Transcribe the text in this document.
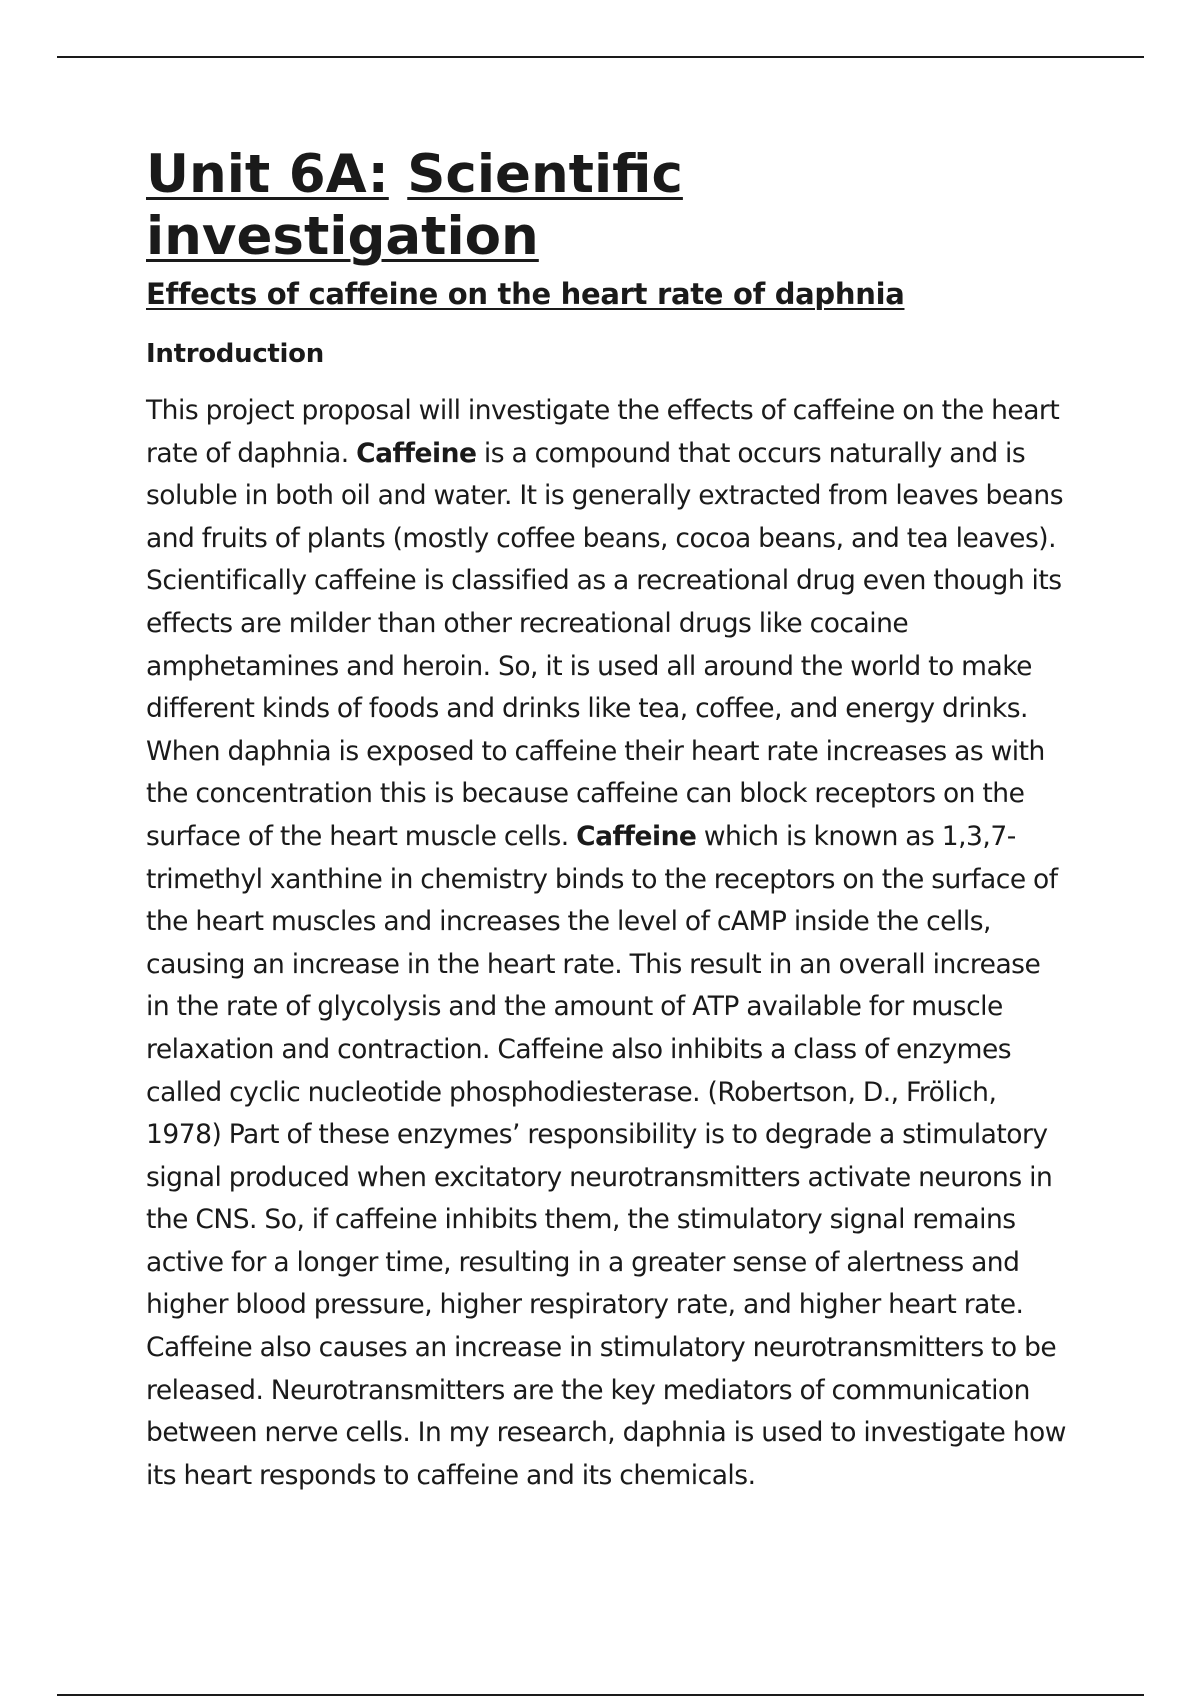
Unit 6A: Scientific investigation
Effects of caffeine on the heart rate of daphnia
Introduction

This project proposal will investigate the effects of caffeine on the heart rate of daphnia. Caffeine is a compound that occurs naturally and is soluble in both oil and water. It is generally extracted from leaves beans and fruits of plants (mostly coffee beans, cocoa beans, and tea leaves). Scientifically caffeine is classified as a recreational drug even though its effects are milder than other recreational drugs like cocaine amphetamines and heroin. So, it is used all around the world to make different kinds of foods and drinks like tea, coffee, and energy drinks. When daphnia is exposed to caffeine their heart rate increases as with the concentration this is because caffeine can block receptors on the surface of the heart muscle cells. Caffeine which is known as 1,3,7-trimethyl xanthine in chemistry binds to the receptors on the surface of the heart muscles and increases the level of cAMP inside the cells, causing an increase in the heart rate. This result in an overall increase in the rate of glycolysis and the amount of ATP available for muscle relaxation and contraction. Caffeine also inhibits a class of enzymes called cyclic nucleotide phosphodiesterase. (Robertson, D., Frölich, 1978) Part of these enzymes’ responsibility is to degrade a stimulatory signal produced when excitatory neurotransmitters activate neurons in the CNS. So, if caffeine inhibits them, the stimulatory signal remains active for a longer time, resulting in a greater sense of alertness and higher blood pressure, higher respiratory rate, and higher heart rate. Caffeine also causes an increase in stimulatory neurotransmitters to be released. Neurotransmitters are the key mediators of communication between nerve cells. In my research, daphnia is used to investigate how its heart responds to caffeine and its chemicals.
